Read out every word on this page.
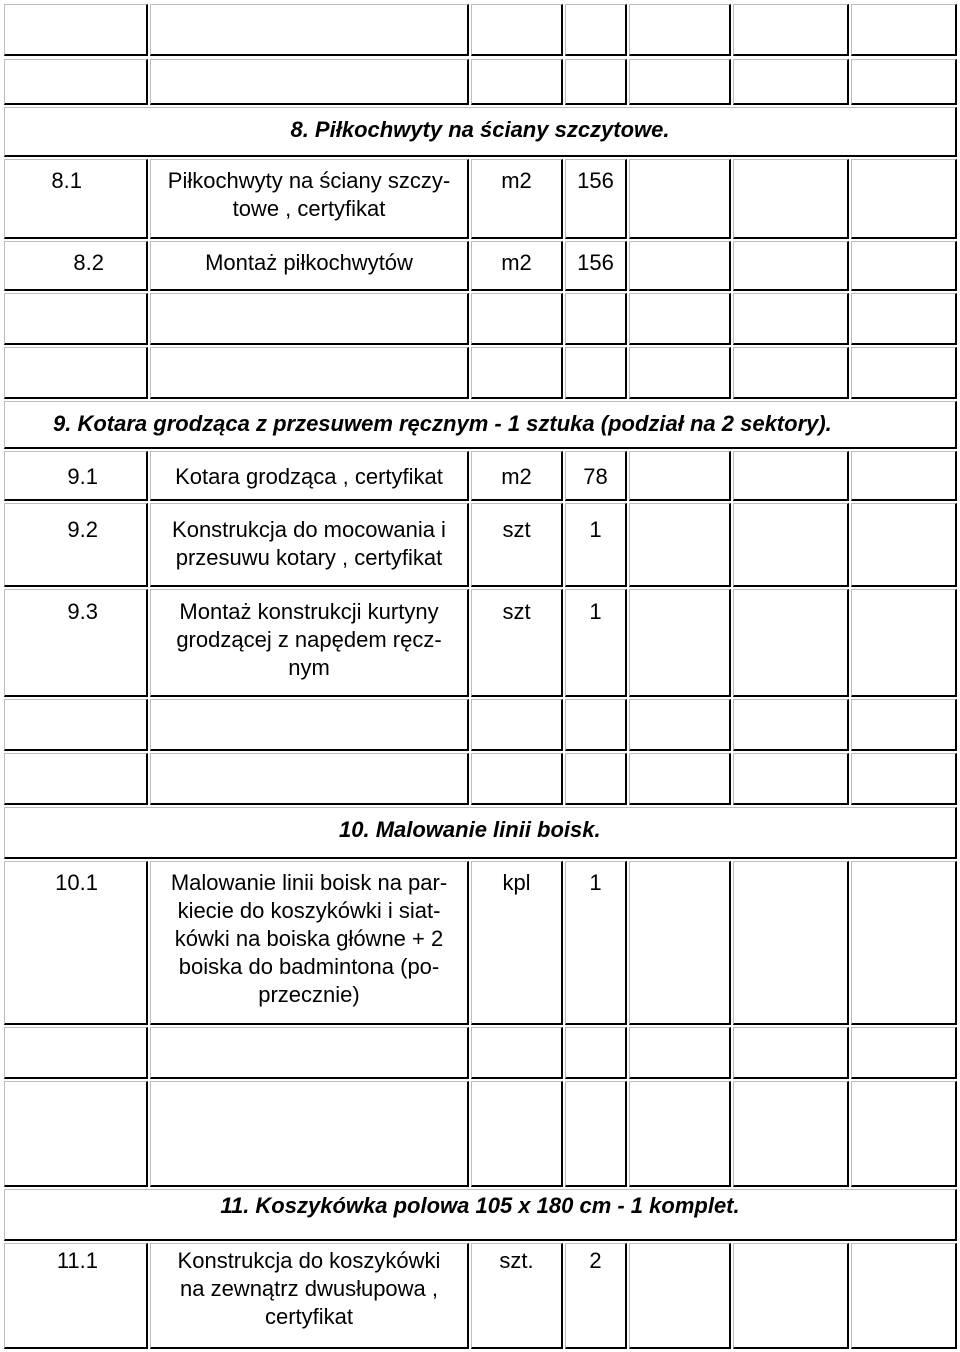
8. Piłkochwyty na ściany szczytowe.
8.1	Piłkochwyty na ściany szczy-
towe , certyfikat
m2	156
8.2	Montaż piłkochwytów	m2	156
9. Kotara grodząca z przesuwem ręcznym - 1 sztuka (podział na 2 sektory).
9.1	Kotara grodząca , certyfikat	m2	78
9.2	Konstrukcja do mocowania i
przesuwu kotary , certyfikat
szt	1
9.3	Montaż konstrukcji kurtyny
grodzącej z napędem ręcz-
nym
szt	1
10. Malowanie linii boisk.
10.1	Malowanie linii boisk na par-
kiecie do koszykówki i siat-
kówki na boiska główne + 2
boiska do badmintona (po-
przecznie)
kpl	1
11. Koszykówka polowa 105 x 180 cm - 1 komplet.
11.1	Konstrukcja do koszykówki
na zewnątrz dwusłupowa ,
certyfikat
szt.	2
